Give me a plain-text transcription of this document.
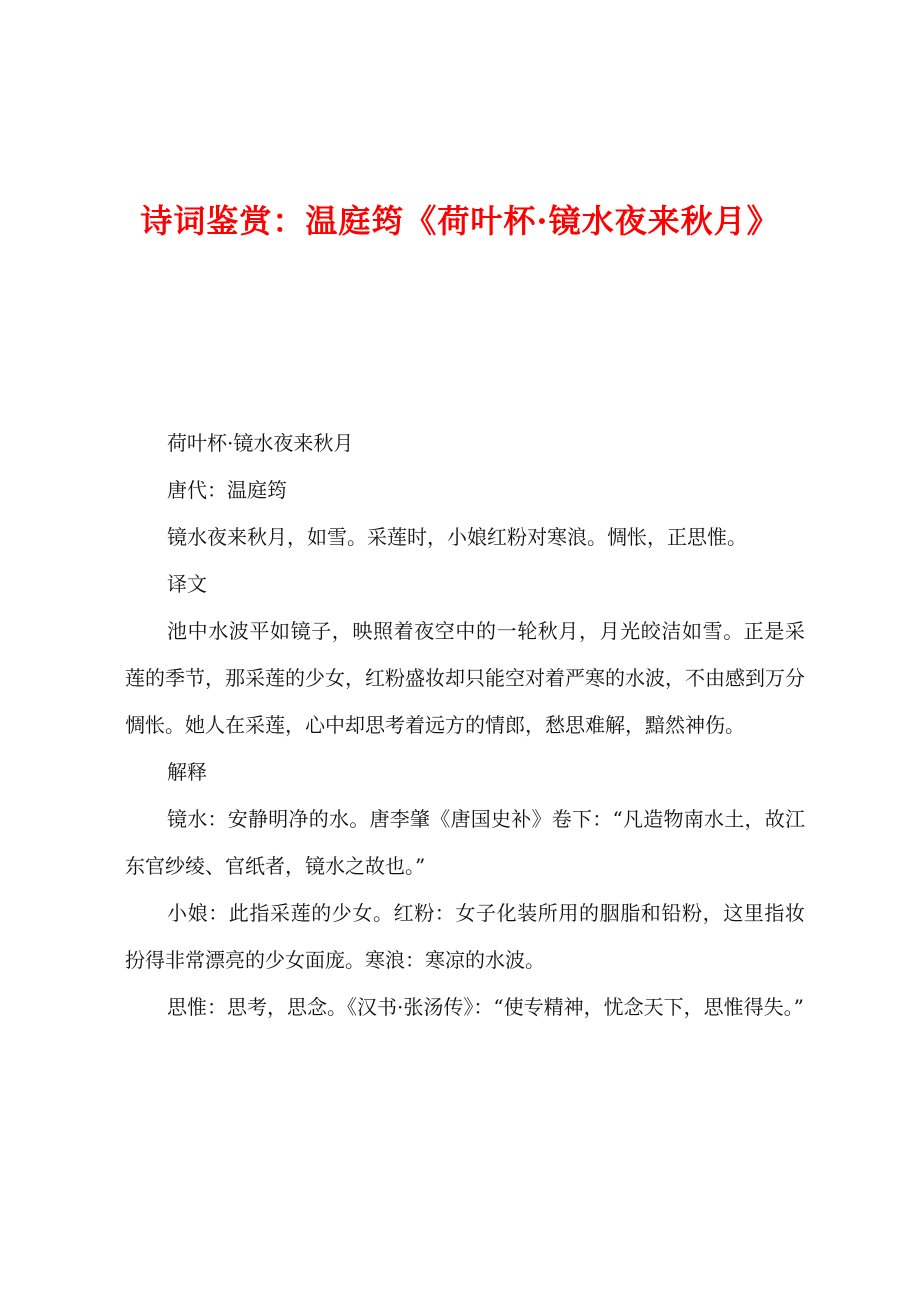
诗词鉴赏：温庭筠《荷叶杯·镜水夜来秋月》
荷叶杯·镜水夜来秋月
唐代：温庭筠
镜水夜来秋月，如雪。采莲时，小娘红粉对寒浪。惆怅，正思惟。
译文

池中水波平如镜子，映照着夜空中的一轮秋月，月光皎洁如雪。正是采莲的季节，那采莲的少女，红粉盛妆却只能空对着严寒的水波，不由感到万分惆怅。她人在采莲，心中却思考着远方的情郎，愁思难解，黯然神伤。

解释

镜水：安静明净的水。唐李肇《唐国史补》卷下：“凡造物南水土，故江东官纱绫、官纸者，镜水之故也。”

小娘：此指采莲的少女。红粉：女子化装所用的胭脂和铅粉，这里指妆扮得非常漂亮的少女面庞。寒浪：寒凉的水波。

思惟：思考，思念。《汉书·张汤传》：“使专精神，忧念天下，思惟得失。”
